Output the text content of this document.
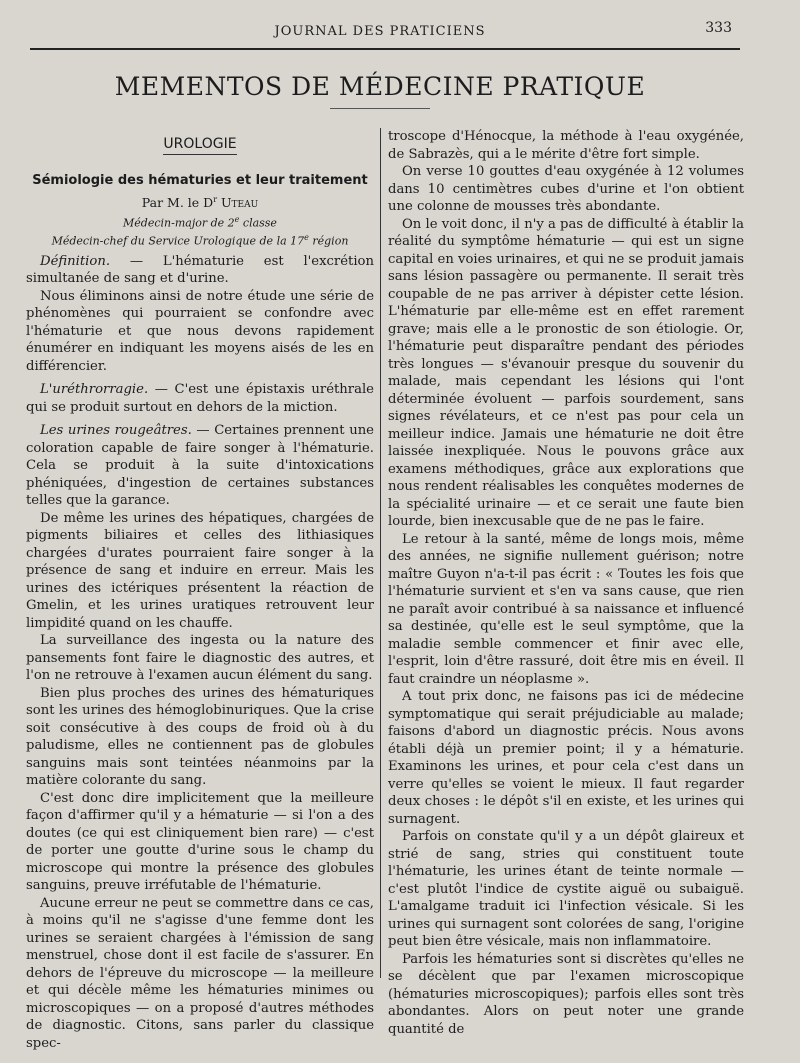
JOURNAL DES PRATICIENS	333
MEMENTOS DE MÉDECINE PRATIQUE
UROLOGIE
Sémiologie des hématuries et leur traitement
Par M. le $D^r$ Uteau
Médecin-major de 2e classe
Médecin-chef du Service Urologique de la 17e région

Définition. — L'hématurie est l'excrétion simultanée de sang et d'urine.

Nous éliminons ainsi de notre étude une série de phénomènes qui pourraient se confondre avec l'hématurie et que nous devons rapidement énumérer en indiquant les moyens aisés de les en différencier.

L'uréthrorragie. — C'est une épistaxis uréthrale qui se produit surtout en dehors de la miction.

Les urines rougeâtres. — Certaines prennent une coloration capable de faire songer à l'hématurie. Cela se produit à la suite d'intoxications phéniquées, d'ingestion de certaines substances telles que la garance.

De même les urines des hépatiques, chargées de pigments biliaires et celles des lithiasiques chargées d'urates pourraient faire songer à la présence de sang et induire en erreur. Mais les urines des ictériques présentent la réaction de Gmelin, et les urines uratiques retrouvent leur limpidité quand on les chauffe.

La surveillance des ingesta ou la nature des pansements font faire le diagnostic des autres, et l'on ne retrouve à l'examen aucun élément du sang.

Bien plus proches des urines des hématuriques sont les urines des hémoglobinuriques. Que la crise soit consécutive à des coups de froid où à du paludisme, elles ne contiennent pas de globules sanguins mais sont teintées néanmoins par la matière colorante du sang.

C'est donc dire implicitement que la meilleure façon d'affirmer qu'il y a hématurie — si l'on a des doutes (ce qui est cliniquement bien rare) — c'est de porter une goutte d'urine sous le champ du microscope qui montre la présence des globules sanguins, preuve irréfutable de l'hématurie.

Aucune erreur ne peut se commettre dans ce cas, à moins qu'il ne s'agisse d'une femme dont les urines se seraient chargées à l'émission de sang menstruel, chose dont il est facile de s'assurer. En dehors de l'épreuve du microscope — la meilleure et qui décèle même les hématuries minimes ou microscopiques — on a proposé d'autres méthodes de diagnostic. Citons, sans parler du classique spec-

troscope d'Hénocque, la méthode à l'eau oxygénée, de Sabrazès, qui a le mérite d'être fort simple.

On verse 10 gouttes d'eau oxygénée à 12 volumes dans 10 centimètres cubes d'urine et l'on obtient une colonne de mousses très abondante.

On le voit donc, il n'y a pas de difficulté à établir la réalité du symptôme hématurie — qui est un signe capital en voies urinaires, et qui ne se produit jamais sans lésion passagère ou permanente. Il serait très coupable de ne pas arriver à dépister cette lésion. L'hématurie par elle-même est en effet rarement grave; mais elle a le pronostic de son étiologie. Or, l'hématurie peut disparaître pendant des périodes très longues — s'évanouir presque du souvenir du malade, mais cependant les lésions qui l'ont déterminée évoluent — parfois sourdement, sans signes révélateurs, et ce n'est pas pour cela un meilleur indice. Jamais une hématurie ne doit être laissée inexpliquée. Nous le pouvons grâce aux examens méthodiques, grâce aux explorations que nous rendent réalisables les conquêtes modernes de la spécialité urinaire — et ce serait une faute bien lourde, bien inexcusable que de ne pas le faire.

Le retour à la santé, même de longs mois, même des années, ne signifie nullement guérison; notre maître Guyon n'a-t-il pas écrit : « Toutes les fois que l'hématurie survient et s'en va sans cause, que rien ne paraît avoir contribué à sa naissance et influencé sa destinée, qu'elle est le seul symptôme, que la maladie semble commencer et finir avec elle, l'esprit, loin d'être rassuré, doit être mis en éveil. Il faut craindre un néoplasme ».

A tout prix donc, ne faisons pas ici de médecine symptomatique qui serait préjudiciable au malade; faisons d'abord un diagnostic précis. Nous avons établi déjà un premier point; il y a hématurie. Examinons les urines, et pour cela c'est dans un verre qu'elles se voient le mieux. Il faut regarder deux choses : le dépôt s'il en existe, et les urines qui surnagent.

Parfois on constate qu'il y a un dépôt glaireux et strié de sang, stries qui constituent toute l'hématurie, les urines étant de teinte normale — c'est plutôt l'indice de cystite aiguë ou subaiguë. L'amalgame traduit ici l'infection vésicale. Si les urines qui surnagent sont colorées de sang, l'origine peut bien être vésicale, mais non inflammatoire.

Parfois les hématuries sont si discrètes qu'elles ne se décèlent que par l'examen microscopique (hématuries microscopiques); parfois elles sont très abondantes. Alors on peut noter une grande quantité de
